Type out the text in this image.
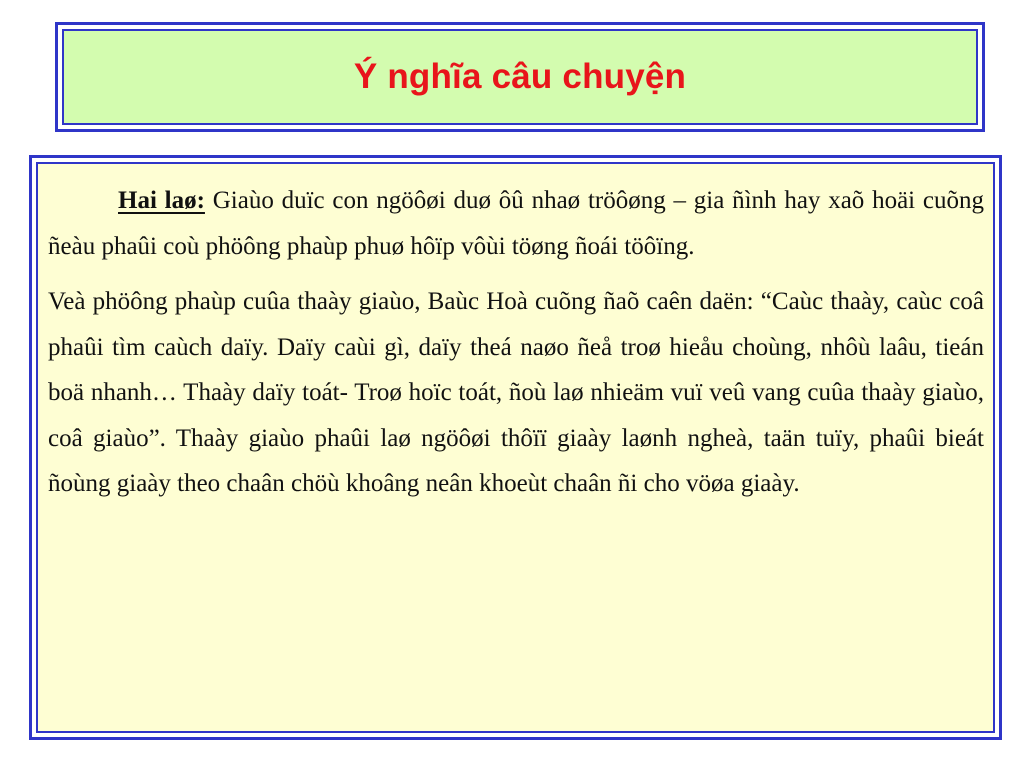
Ý nghĩa câu chuyện

Hai laø: Giaùo duïc con ngöôøi duø ôû nhaø tröôøng – gia ñình hay xaõ hoäi cuõng ñeàu phaûi coù phöông phaùp phuø hôïp vôùi töøng ñoái töôïng.

Veà phöông phaùp cuûa thaày giaùo, Baùc Hoà cuõng ñaõ caên daën: “Caùc thaày, caùc coâ phaûi tìm caùch daïy. Daïy caùi gì, daïy theá naøo ñeå troø hieåu choùng, nhôù laâu, tieán boä nhanh… Thaày daïy toát- Troø hoïc toát, ñoù laø nhieäm vuï veû vang cuûa thaày giaùo, coâ giaùo”. Thaày giaùo phaûi laø ngöôøi thôïï giaày laønh ngheà, taän tuïy, phaûi bieát ñoùng giaày theo chaân chöù khoâng neân khoeùt chaân ñi cho vöøa giaày.
